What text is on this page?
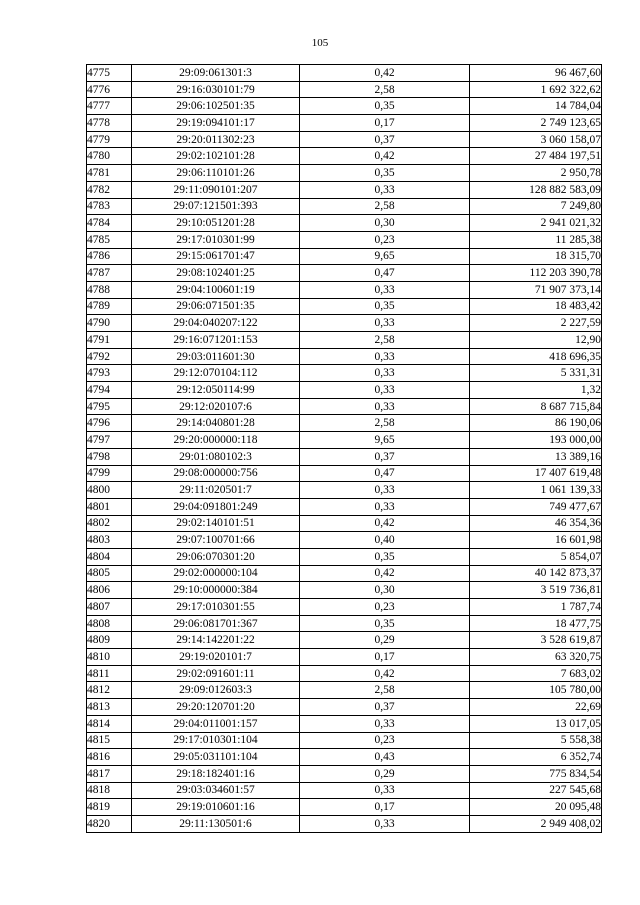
105
4775	29:09:061301:3	0,42	96 467,60
4776	29:16:030101:79	2,58	1 692 322,62
4777	29:06:102501:35	0,35	14 784,04
4778	29:19:094101:17	0,17	2 749 123,65
4779	29:20:011302:23	0,37	3 060 158,07
4780	29:02:102101:28	0,42	27 484 197,51
4781	29:06:110101:26	0,35	2 950,78
4782	29:11:090101:207	0,33	128 882 583,09
4783	29:07:121501:393	2,58	7 249,80
4784	29:10:051201:28	0,30	2 941 021,32
4785	29:17:010301:99	0,23	11 285,38
4786	29:15:061701:47	9,65	18 315,70
4787	29:08:102401:25	0,47	112 203 390,78
4788	29:04:100601:19	0,33	71 907 373,14
4789	29:06:071501:35	0,35	18 483,42
4790	29:04:040207:122	0,33	2 227,59
4791	29:16:071201:153	2,58	12,90
4792	29:03:011601:30	0,33	418 696,35
4793	29:12:070104:112	0,33	5 331,31
4794	29:12:050114:99	0,33	1,32
4795	29:12:020107:6	0,33	8 687 715,84
4796	29:14:040801:28	2,58	86 190,06
4797	29:20:000000:118	9,65	193 000,00
4798	29:01:080102:3	0,37	13 389,16
4799	29:08:000000:756	0,47	17 407 619,48
4800	29:11:020501:7	0,33	1 061 139,33
4801	29:04:091801:249	0,33	749 477,67
4802	29:02:140101:51	0,42	46 354,36
4803	29:07:100701:66	0,40	16 601,98
4804	29:06:070301:20	0,35	5 854,07
4805	29:02:000000:104	0,42	40 142 873,37
4806	29:10:000000:384	0,30	3 519 736,81
4807	29:17:010301:55	0,23	1 787,74
4808	29:06:081701:367	0,35	18 477,75
4809	29:14:142201:22	0,29	3 528 619,87
4810	29:19:020101:7	0,17	63 320,75
4811	29:02:091601:11	0,42	7 683,02
4812	29:09:012603:3	2,58	105 780,00
4813	29:20:120701:20	0,37	22,69
4814	29:04:011001:157	0,33	13 017,05
4815	29:17:010301:104	0,23	5 558,38
4816	29:05:031101:104	0,43	6 352,74
4817	29:18:182401:16	0,29	775 834,54
4818	29:03:034601:57	0,33	227 545,68
4819	29:19:010601:16	0,17	20 095,48
4820	29:11:130501:6	0,33	2 949 408,02
